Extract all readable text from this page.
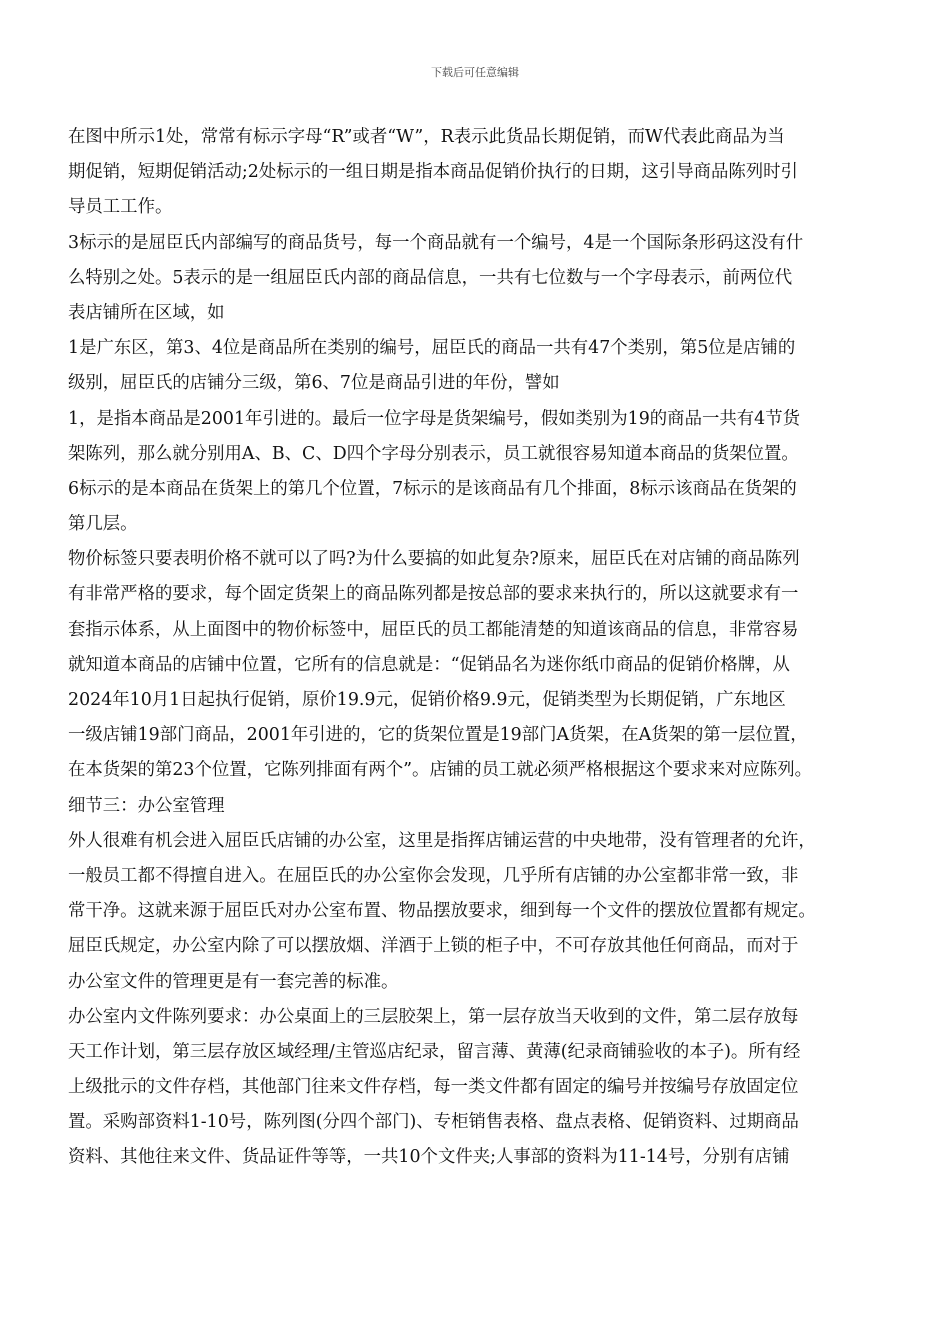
下载后可任意编辑
在图中所示1处，常常有标示字母“R”或者“W”，R表示此货品长期促销，而W代表此商品为当
期促销，短期促销活动;2处标示的一组日期是指本商品促销价执行的日期，这引导商品陈列时引
导员工工作。
3标示的是屈臣氏内部编写的商品货号，每一个商品就有一个编号，4是一个国际条形码这没有什
么特别之处。5表示的是一组屈臣氏内部的商品信息，一共有七位数与一个字母表示，前两位代
表店铺所在区域，如
1是广东区，第3、4位是商品所在类别的编号，屈臣氏的商品一共有47个类别，第5位是店铺的
级别，屈臣氏的店铺分三级，第6、7位是商品引进的年份，譬如
1，是指本商品是2001年引进的。最后一位字母是货架编号，假如类别为19的商品一共有4节货
架陈列，那么就分别用A、B、C、D四个字母分别表示，员工就很容易知道本商品的货架位置。
6标示的是本商品在货架上的第几个位置，7标示的是该商品有几个排面，8标示该商品在货架的
第几层。
物价标签只要表明价格不就可以了吗?为什么要搞的如此复杂?原来，屈臣氏在对店铺的商品陈列
有非常严格的要求，每个固定货架上的商品陈列都是按总部的要求来执行的，所以这就要求有一
套指示体系，从上面图中的物价标签中，屈臣氏的员工都能清楚的知道该商品的信息，非常容易
就知道本商品的店铺中位置，它所有的信息就是：“促销品名为迷你纸巾商品的促销价格牌，从
2024年10月1日起执行促销，原价19.9元，促销价格9.9元，促销类型为长期促销，广东地区
一级店铺19部门商品，2001年引进的，它的货架位置是19部门A货架，在A货架的第一层位置，
在本货架的第23个位置，它陈列排面有两个”。店铺的员工就必须严格根据这个要求来对应陈列。
细节三：办公室管理
外人很难有机会进入屈臣氏店铺的办公室，这里是指挥店铺运营的中央地带，没有管理者的允许，
一般员工都不得擅自进入。在屈臣氏的办公室你会发现，几乎所有店铺的办公室都非常一致，非
常干净。这就来源于屈臣氏对办公室布置、物品摆放要求，细到每一个文件的摆放位置都有规定。
屈臣氏规定，办公室内除了可以摆放烟、洋酒于上锁的柜子中，不可存放其他任何商品，而对于
办公室文件的管理更是有一套完善的标准。
办公室内文件陈列要求：办公桌面上的三层胶架上，第一层存放当天收到的文件，第二层存放每
天工作计划，第三层存放区域经理/主管巡店纪录，留言薄、黄薄(纪录商铺验收的本子)。所有经
上级批示的文件存档，其他部门往来文件存档，每一类文件都有固定的编号并按编号存放固定位
置。采购部资料1-10号，陈列图(分四个部门)、专柜销售表格、盘点表格、促销资料、过期商品
资料、其他往来文件、货品证件等等，一共10个文件夹;人事部的资料为11-14号，分别有店铺
